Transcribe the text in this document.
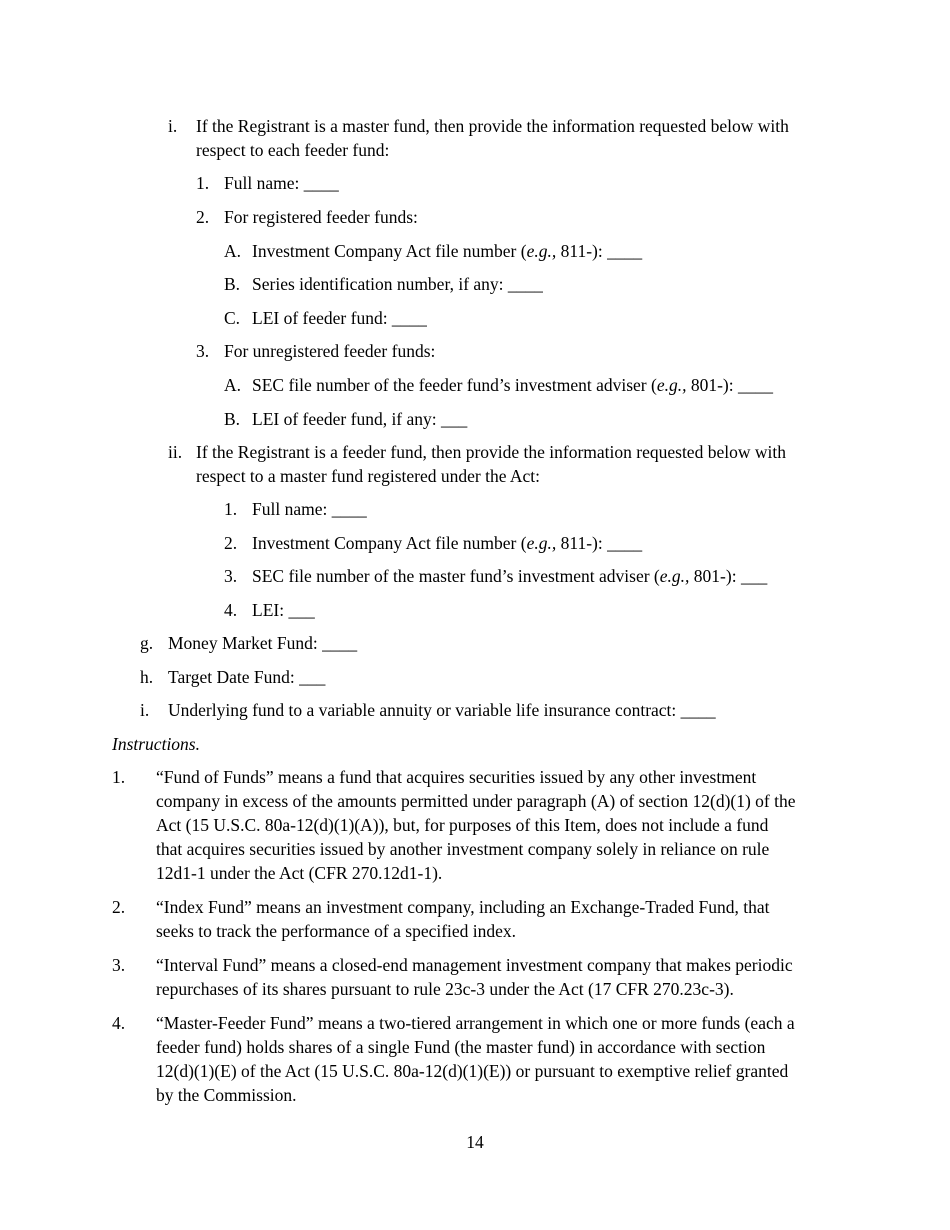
i. If the Registrant is a master fund, then provide the information requested below with
respect to each feeder fund:
1. Full name: ____
2. For registered feeder funds:
A. Investment Company Act file number (e.g., 811-): ____
B. Series identification number, if any: ____
C. LEI of feeder fund: ____
3. For unregistered feeder funds:
A. SEC file number of the feeder fund’s investment adviser (e.g., 801-): ____
B. LEI of feeder fund, if any: ___
ii. If the Registrant is a feeder fund, then provide the information requested below with
respect to a master fund registered under the Act:
1. Full name: ____
2. Investment Company Act file number (e.g., 811-): ____
3. SEC file number of the master fund’s investment adviser (e.g., 801-): ___
4. LEI: ___
g. Money Market Fund: ____
h. Target Date Fund: ___
i. Underlying fund to a variable annuity or variable life insurance contract: ____
Instructions.
1. “Fund of Funds” means a fund that acquires securities issued by any other investment
company in excess of the amounts permitted under paragraph (A) of section 12(d)(1) of the
Act (15 U.S.C. 80a-12(d)(1)(A)), but, for purposes of this Item, does not include a fund
that acquires securities issued by another investment company solely in reliance on rule
12d1-1 under the Act (CFR 270.12d1-1).
2. “Index Fund” means an investment company, including an Exchange-Traded Fund, that
seeks to track the performance of a specified index.
3. “Interval Fund” means a closed-end management investment company that makes periodic
repurchases of its shares pursuant to rule 23c-3 under the Act (17 CFR 270.23c-3).
4. “Master-Feeder Fund” means a two-tiered arrangement in which one or more funds (each a
feeder fund) holds shares of a single Fund (the master fund) in accordance with section
12(d)(1)(E) of the Act (15 U.S.C. 80a-12(d)(1)(E)) or pursuant to exemptive relief granted
by the Commission.
14
